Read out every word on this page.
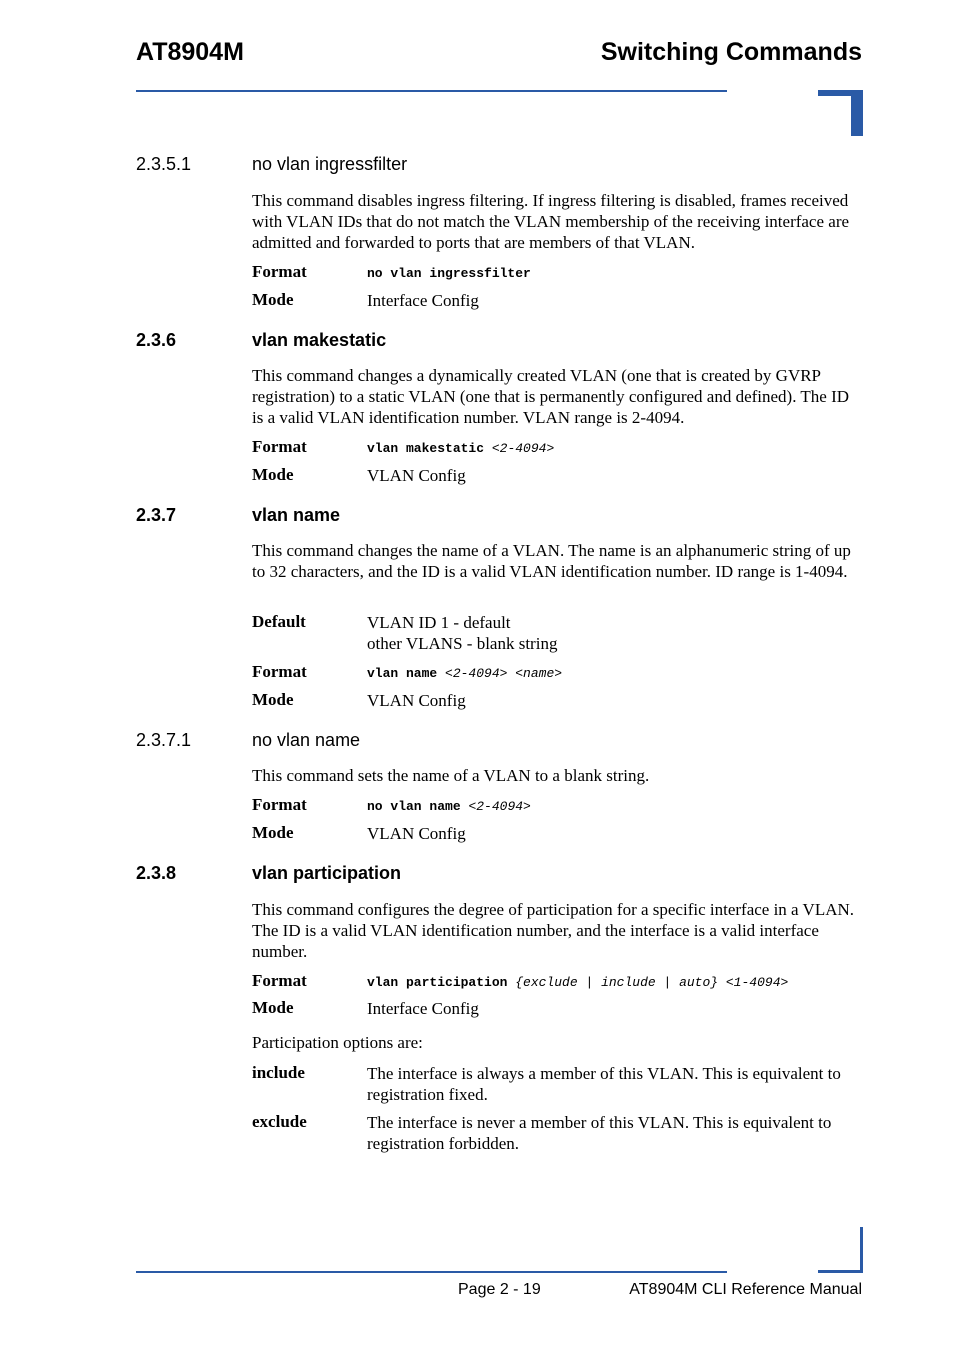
AT8904M	Switching Commands
2.3.5.1	no vlan ingressfilter
This command disables ingress filtering. If ingress filtering is disabled, frames received with VLAN IDs that do not match the VLAN membership of the receiving interface are admitted and forwarded to ports that are members of that VLAN.
Format	no vlan ingressfilter
Mode	Interface Config
2.3.6	vlan makestatic
This command changes a dynamically created VLAN (one that is created by GVRP registration) to a static VLAN (one that is permanently configured and defined). The ID is a valid VLAN identification number. VLAN range is 2-4094.
Format	vlan makestatic <2-4094>
Mode	VLAN Config
2.3.7	vlan name
This command changes the name of a VLAN. The name is an alphanumeric string of up to 32 characters, and the ID is a valid VLAN identification number. ID range is 1-4094.
Default	VLAN ID 1 - default
other VLANS - blank string
Format	vlan name <2-4094> <name>
Mode	VLAN Config
2.3.7.1	no vlan name
This command sets the name of a VLAN to a blank string.
Format	no vlan name <2-4094>
Mode	VLAN Config
2.3.8	vlan participation
This command configures the degree of participation for a specific interface in a VLAN. The ID is a valid VLAN identification number, and the interface is a valid interface number.
Format	vlan participation {exclude | include | auto} <1-4094>
Mode	Interface Config
Participation options are:
include	The interface is always a member of this VLAN. This is equivalent to registration fixed.
exclude	The interface is never a member of this VLAN. This is equivalent to registration forbidden.
Page 2 - 19	AT8904M CLI Reference Manual
